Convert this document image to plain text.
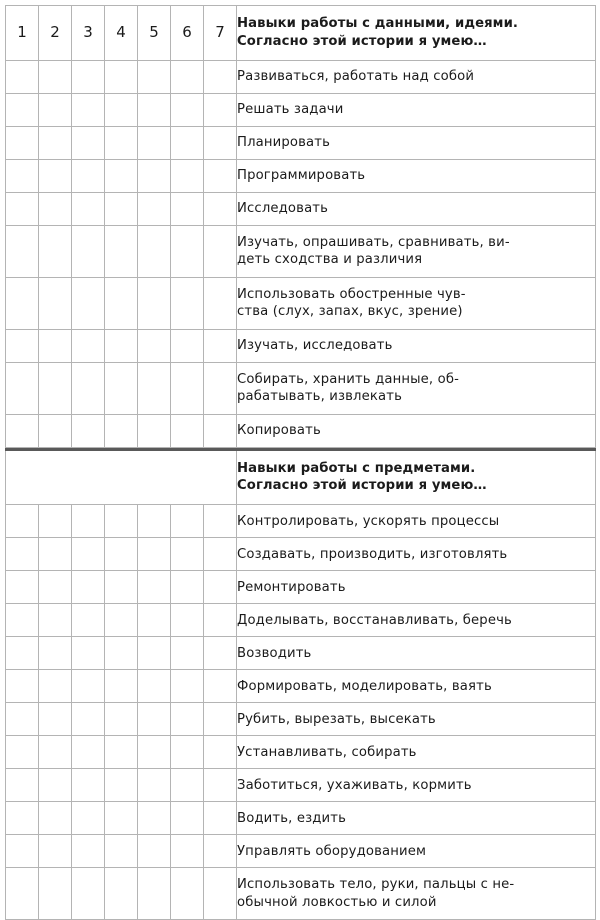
1	2	3	4	5	6	7	Навыки работы с данными, идеями.
Согласно этой истории я умею…

							Развиваться, работать над собой
							Решать задачи
							Планировать
							Программировать
							Исследовать
							Изучать, опрашивать, сравнивать, ви-
деть сходства и различия

							Использовать обостренные чув-
ства (слух, запах, вкус, зрение)

							Изучать, исследовать
							Собирать, хранить данные, об-
рабатывать, извлекать

							Копировать

							Навыки работы с предметами.
Согласно этой истории я умею…

							Контролировать, ускорять процессы
							Создавать, производить, изготовлять
							Ремонтировать
							Доделывать, восстанавливать, беречь
							Возводить
							Формировать, моделировать, ваять
							Рубить, вырезать, высекать
							Устанавливать, собирать
							Заботиться, ухаживать, кормить
							Водить, ездить
							Управлять оборудованием
							Использовать тело, руки, пальцы с не-
обычной ловкостью и силой
